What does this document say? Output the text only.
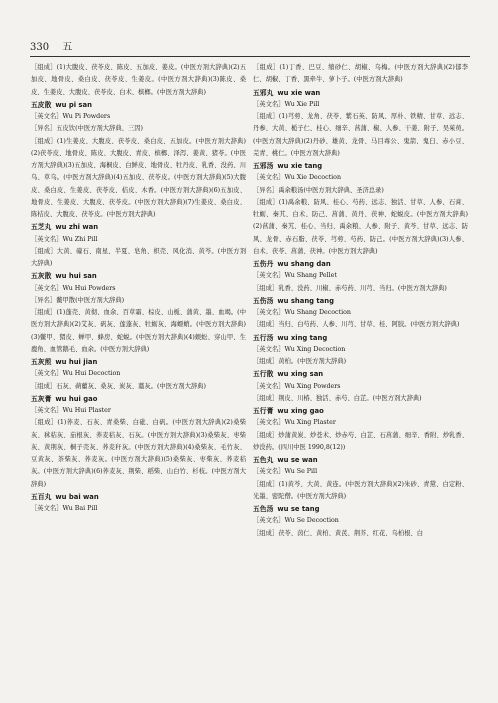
330 五
［组成］(1)大腹皮、茯苓皮、陈皮、五加皮、姜皮。(中医方剂大辞典)(2)五加皮、地骨皮、桑白皮、茯苓皮、生姜皮。(中医方剂大辞典)(3)陈皮、桑皮、生姜皮、大腹皮、茯苓皮、白术、槟榔。(中医方剂大辞典)
五皮散 wu pi san
［英文名］Wu Pi Powders
［异名］五皮饮(中医方剂大辞典、三因)
［组成］(1)生姜皮、大腹皮、茯苓皮、桑白皮、五加皮。(中医方剂大辞典)(2)茯苓皮、地骨皮、陈皮、大腹皮、青皮、槟榔、泽泻、姜黄、猪苓。(中医方剂大辞典)(3)五加皮、海桐皮、白鲜皮、地骨皮、牡丹皮、乳香、没药、川乌、草乌。(中医方剂大辞典)(4)五加皮、茯苓皮。(中医方剂大辞典)(5)大腹皮、桑白皮、生姜皮、茯苓皮、桔皮、木香。(中医方剂大辞典)(6)五加皮、地骨皮、生姜皮、大腹皮、茯苓皮。(中医方剂大辞典)(7)生姜皮、桑白皮、陈桔皮、大腹皮、茯苓皮。(中医方剂大辞典)
五芝丸 wu zhi wan
［英文名］Wu Zhi Pill
［组成］大黄、礞石、南星、半夏、皂角、枳壳、风化消、黄芩。(中医方剂大辞典)
五灰散 wu hui san
［英文名］Wu Hui Powders
［异名］鳖甲散(中医方剂大辞典)
［组成］(1)蓬壳、黄彻、血余、百草霜、棕皮、山栀、蒲黄、墨、血竭。(中医方剂大辞典)(2)艾灰、矾灰、莲蓬灰、牡蛎灰、海螵蛸。(中医方剂大辞典)(3)鳖甲、猬皮、蝉甲、蜂房、蛇蜕。(中医方剂大辞典)(4)蜈蚣、穿山甲、生鹿角、血管鹅毛、血余。(中医方剂大辞典)
五灰煎 wu hui jian
［英文名］Wu Hui Decoction
［组成］石灰、蒴藋灰、桑灰、炭灰、藁灰。(中医方剂大辞典)
五灰膏 wu hui gao
［英文名］Wu Hui Plaster
［组成］(1)荞麦、石灰、青桑柴、白砒、白矾。(中医方剂大辞典)(2)桑柴灰、秫秸灰、茄根灰、荞麦秸灰、石灰。(中医方剂大辞典)(3)桑柴灰、枣柴灰、黄荆灰、桐子壳灰、荞麦秆灰。(中医方剂大辞典)(4)桑柴灰、毛竹灰、豆黄灰、茶柴灰、荞麦灰。(中医方剂大辞典)(5)桑柴灰、枣柴灰、荞麦秸灰。(中医方剂大辞典)(6)荞麦灰、荆柴、稻柴、山白竹、杉枝。(中医方剂大辞典)
五百丸 wu bai wan
［英文名］Wu Bai Pill
［组成］(1)丁香、巴豆、缩砂仁、胡椒、乌梅。(中医方剂大辞典)(2)郁李仁、胡椒、丁香、黑牵牛、萝卜子。(中医方剂大辞典)
五邪丸 wu xie wan
［英文名］Wu Xie Pill
［组成］(1)芎䓖、龙角、茯苓、紫石英、防风、厚朴、铁精、甘草、远志、丹参、大黄、栀子仁、桂心、细辛、菖蒲、椒、人参、干姜、附子、吴茱萸。(中医方剂大辞典)(2)丹砂、雄黄、龙骨、马目毒公、鬼箭、鬼臼、赤小豆、芫青、桃仁。(中医方剂大辞典)
五邪汤 wu xie tang
［英文名］Wu Xie Decoction
［异名］禹余粮汤(中医方剂大辞典、圣济总录)
［组成］(1)禹余粮、防风、桂心、芍药、远志、独活、甘草、人参、石膏、牡蛎、秦艽、白术、防己、菖蒲、黄丹、茯神、蛇蜕皮。(中医方剂大辞典)(2)菖蒲、秦艽、桂心、当归、禹余粮、人参、附子、黄芩、甘草、远志、防风、龙骨、赤石脂、茯苓、芎䓖、芍药、防己。(中医方剂大辞典)(3)人参、白术、茯苓、菖蒲、茯神。(中医方剂大辞典)
五伤丹 wu shang dan
［英文名］Wu Shang Pellet
［组成］乳香、没药、川椒、赤芍药、川芎、当归。(中医方剂大辞典)
五伤汤 wu shang tang
［英文名］Wu Shang Decoction
［组成］当归、白芍药、人参、川芎、甘草、桂、阿胶。(中医方剂大辞典)
五行汤 wu xing tang
［英文名］Wu Xing Decoction
［组成］黄柏。(中医方剂大辞典)
五行散 wu xing san
［英文名］Wu Xing Powders
［组成］荆皮、川椿、独活、赤芍、白芷。(中医方剂大辞典)
五行膏 wu xing gao
［英文名］Wu Xing Plaster
［组成］炒蒲黄炭、炒苍术、炒赤芍、白芷、石菖蒲、细辛、香附、炒乳香、炒没药。(四川中医 1990,8(12))
五色丸 wu se wan
［英文名］Wu Se Pill
［组成］(1)黄芩、大黄、黄连。(中医方剂大辞典)(2)朱砂、青黛、白定粉、光墨、密陀僧。(中医方剂大辞典)
五色汤 wu se tang
［英文名］Wu Se Decoction
［组成］茯苓、茵仁、黄柏、黄芪、荆芥、红花、乌柏根、白
